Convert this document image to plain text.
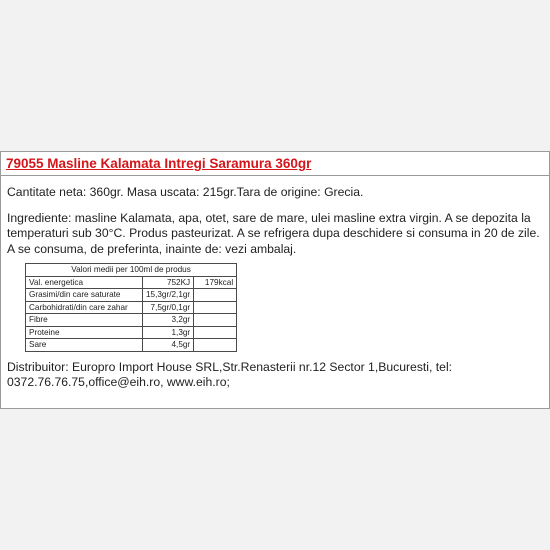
79055 Masline Kalamata Intregi Saramura 360gr

Cantitate neta: 360gr. Masa uscata: 215gr.Tara de origine: Grecia.

Ingrediente: masline Kalamata, apa, otet, sare de mare, ulei masline extra virgin. A se depozita la temperaturi sub 30°C. Produs pasteurizat. A se refrigera dupa deschidere si consuma in 20 de zile. A se consuma, de preferinta, inainte de: vezi ambalaj.

Valori medii per 100ml de produs		
Val. energetica	752KJ	179kcal
Grasimi/din care saturate	15,3gr/2,1gr	
Carbohidrati/din care zahar	7,5gr/0,1gr	
Fibre	3,2gr	
Proteine	1,3gr	
Sare	4,5gr	

Distribuitor: Europro Import House SRL,Str.Renasterii nr.12 Sector 1,Bucuresti, tel: 0372.76.76.75,office@eih.ro, www.eih.ro;
